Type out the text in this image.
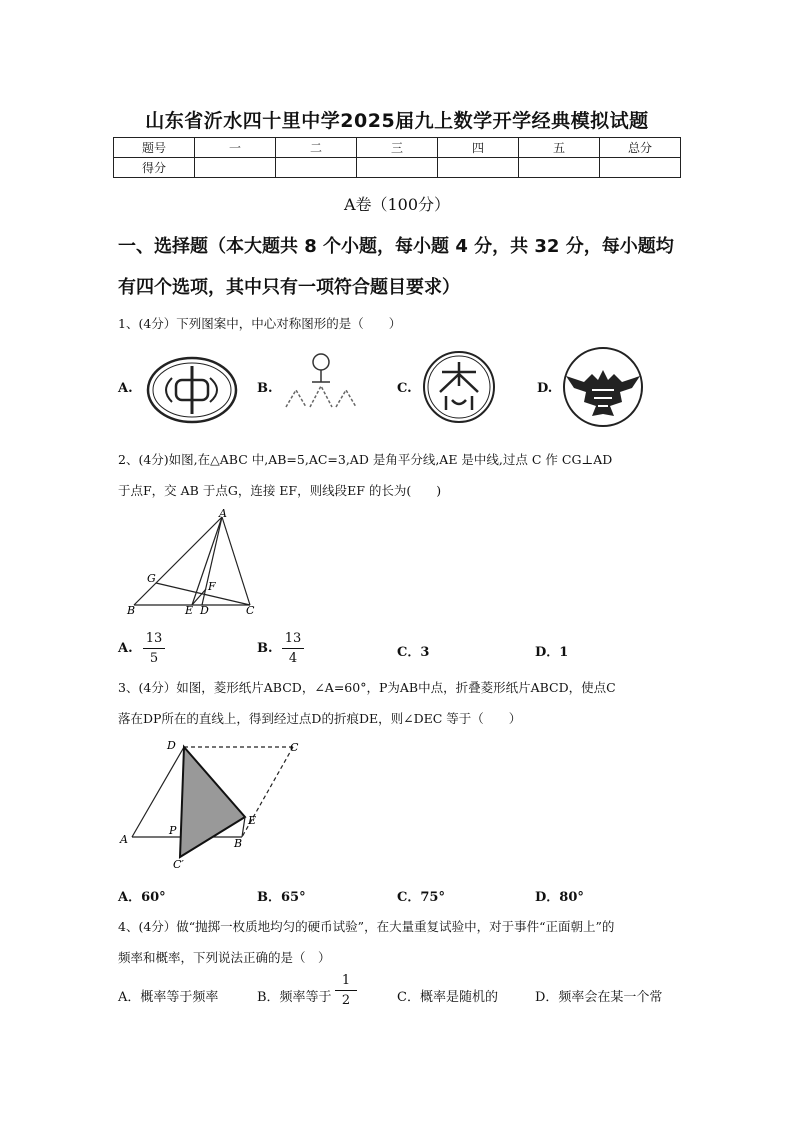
山东省沂水四十里中学2025届九上数学开学经典模拟试题
题号	一	二	三	四	五	总分
得分						
A卷（100分）
一、选择题（本大题共 8 个小题，每小题 4 分，共 32 分，每小题均
有四个选项，其中只有一项符合题目要求）
1、(4分）下列图案中，中心对称图形的是（　　）
A.	B.	C.	D.
2、(4分)如图,在△ABC 中,AB=5,AC=3,AD 是角平分线,AE 是中线,过点 C 作 CG⊥AD
于点F，交 AB 于点G，连接 EF，则线段EF 的长为(　　)
A
B	C
D
E
F
G
A.
13
5
B.
13
4	C．3	D．1
3、(4分）如图，菱形纸片ABCD，∠A=60°，P为AB中点，折叠菱形纸片ABCD，使点C
落在DP所在的直线上，得到经过点D的折痕DE，则∠DEC 等于（　　）
D	C
A	B
E
P
C′
A．60°	B．65°	C．75°	D．80°
4、(4分）做“抛掷一枚质地均匀的硬币试验”，在大量重复试验中，对于事件“正面朝上”的
频率和概率，下列说法正确的是（　）
A．概率等于频率	B．频率等于
1
2	C．概率是随机的	D．频率会在某一个常
